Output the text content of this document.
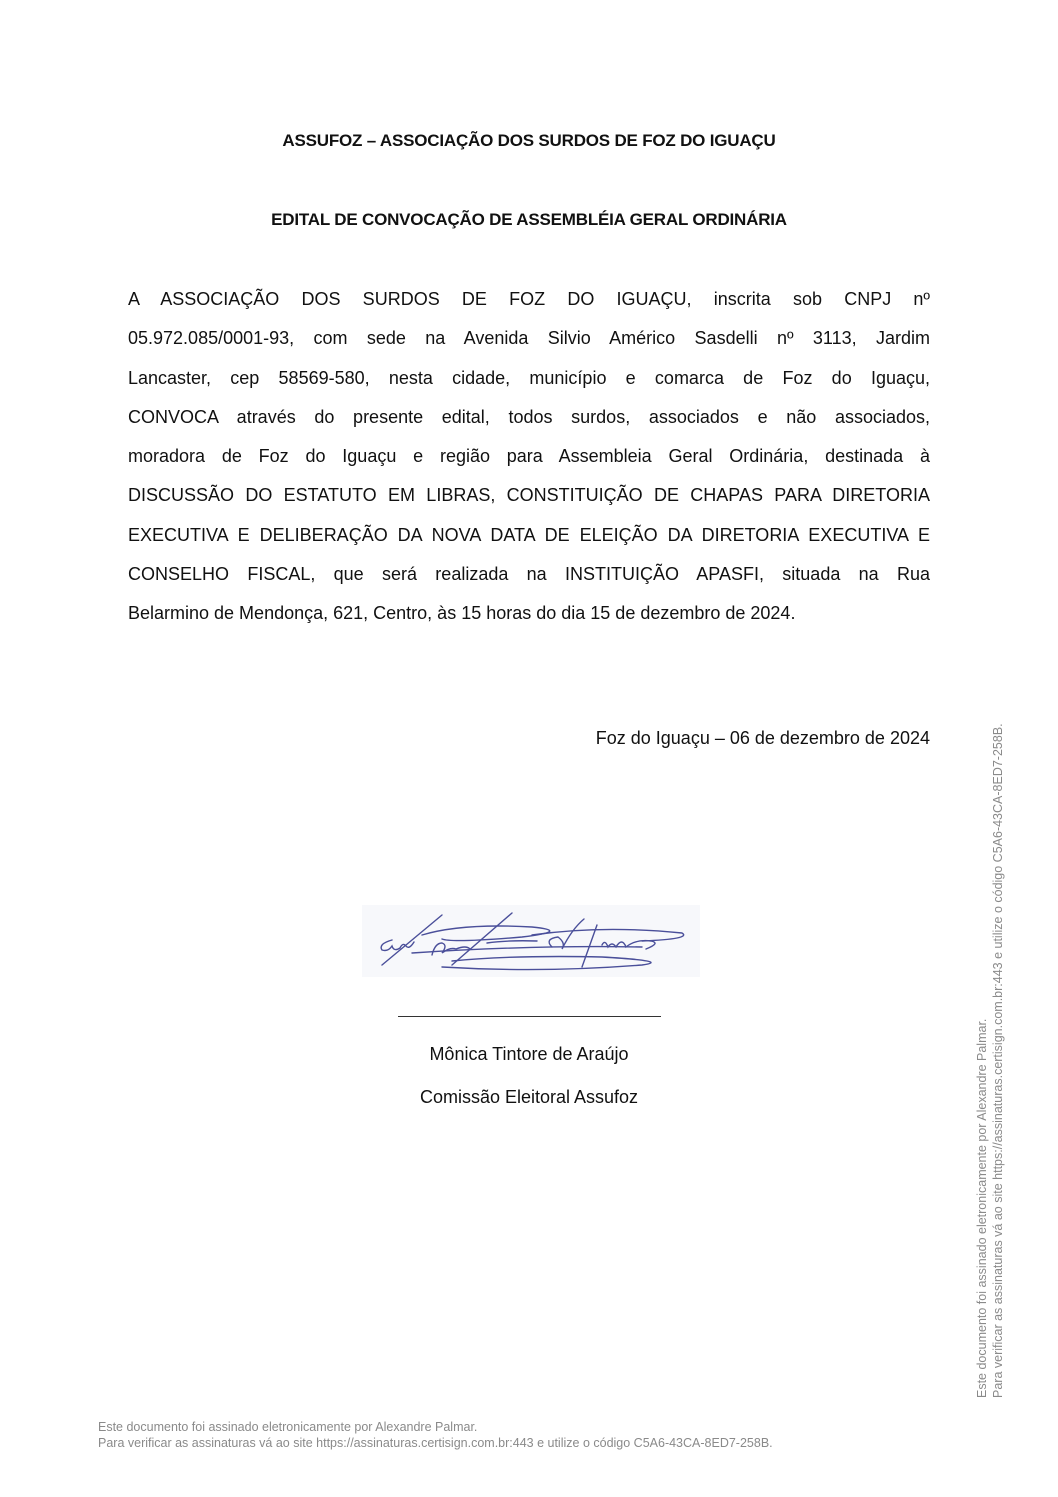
ASSUFOZ – ASSOCIAÇÃO DOS SURDOS DE FOZ DO IGUAÇU
EDITAL DE CONVOCAÇÃO DE ASSEMBLÉIA GERAL ORDINÁRIA
A ASSOCIAÇÃO DOS SURDOS DE FOZ DO IGUAÇU, inscrita sob CNPJ nº
05.972.085/0001-93, com sede na Avenida Silvio Américo Sasdelli nº 3113, Jardim
Lancaster, cep 58569-580, nesta cidade, município e comarca de Foz do Iguaçu,
CONVOCA através do presente edital, todos surdos, associados e não associados,
moradora de Foz do Iguaçu e região para Assembleia Geral Ordinária, destinada à
DISCUSSÃO DO ESTATUTO EM LIBRAS, CONSTITUIÇÃO DE CHAPAS PARA DIRETORIA
EXECUTIVA E DELIBERAÇÃO DA NOVA DATA DE ELEIÇÃO DA DIRETORIA EXECUTIVA E
CONSELHO FISCAL, que será realizada na INSTITUIÇÃO APASFI, situada na Rua
Belarmino de Mendonça, 621, Centro, às 15 horas do dia 15 de dezembro de 2024.
Foz do Iguaçu – 06 de dezembro de 2024
Mônica Tintore de Araújo
Comissão Eleitoral Assufoz	Este documento foi assinado eletronicamente por Alexandre Palmar. Para verificar as assinaturas vá ao site https://assinaturas.certisign.com.br:443 e utilize o código C5A6-43CA-8ED7-258B.
Este documento foi assinado eletronicamente por Alexandre Palmar.
Para verificar as assinaturas vá ao site https://assinaturas.certisign.com.br:443 e utilize o código C5A6-43CA-8ED7-258B.
